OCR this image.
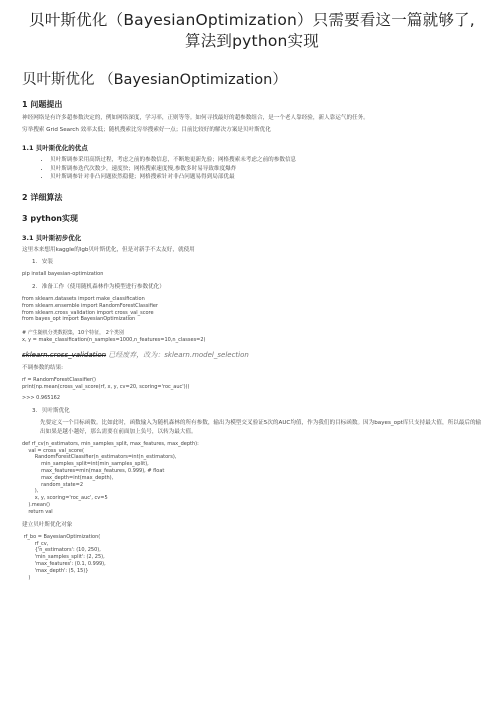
贝叶斯优化（BayesianOptimization）只需要看这一篇就够了,算法到python实现
贝叶斯优化 （BayesianOptimization）
1 问题提出
神经网络是有许多超参数决定的，例如网络深度，学习率，正则等等。如何寻找最好的超参数组合，是一个老人靠经验，新人靠运气的任务。
穷举搜索 Grid Search 效率太低；随机搜索比穷举搜索好一点；目前比较好的解决方案是贝叶斯优化
1.1 贝叶斯优化的优点
• 贝叶斯调参采用高斯过程，考虑之前的参数信息，不断地更新先验；网格搜索未考虑之前的参数信息
• 贝叶斯调参迭代次数少，速度快；网格搜索速度慢,参数多时易导致维度爆炸
• 贝叶斯调参针对非凸问题依然稳健；网格搜索针对非凸问题易得到局部优最
2 详细算法
3 python实现
3.1 贝叶斯初步优化
这里本来想用kaggle的lgb贝叶斯优化，但是对新手不太友好，就使用
1. 安装
pip install bayesian-optimization
2. 准备工作（使用随机森林作为模型进行参数优化）
from sklearn.datasets import make_classification
from sklearn.ensemble import RandomForestClassifier
from sklearn.cross_validation import cross_val_score
from bayes_opt import BayesianOptimization

# 产生随机分类数据集，10个特征， 2个类别
x, y = make_classification(n_samples=1000,n_features=10,n_classes=2)
sklearn.cross_validation 已经废弃，改为：sklearn.model_selection
不调参数的结果:
rf = RandomForestClassifier()
print(np.mean(cross_val_score(rf, x, y, cv=20, scoring='roc_auc')))
>>> 0.965162
3. 贝叶斯优化
先要定义一个目标函数。比如此时，函数输入为随机森林的所有参数，输出为模型交叉验证5次的AUC均值，作为我们的目标函数。因为bayes_opt库只支持最大值，所以最后的输出如果是越小越好，那么需要在前面加上负号，以转为最大值。
def rf_cv(n_estimators, min_samples_split, max_features, max_depth):
val = cross_val_score(
RandomForestClassifier(n_estimators=int(n_estimators),
min_samples_split=int(min_samples_split),
max_features=min(max_features, 0.999), # float
max_depth=int(max_depth),
random_state=2
),
x, y, scoring='roc_auc', cv=5
).mean()
return val
建立贝叶斯优化对象
rf_bo = BayesianOptimization(
rf_cv,
{'n_estimators': (10, 250),
'min_samples_split': (2, 25),
'max_features': (0.1, 0.999),
'max_depth': (5, 15)}
)
